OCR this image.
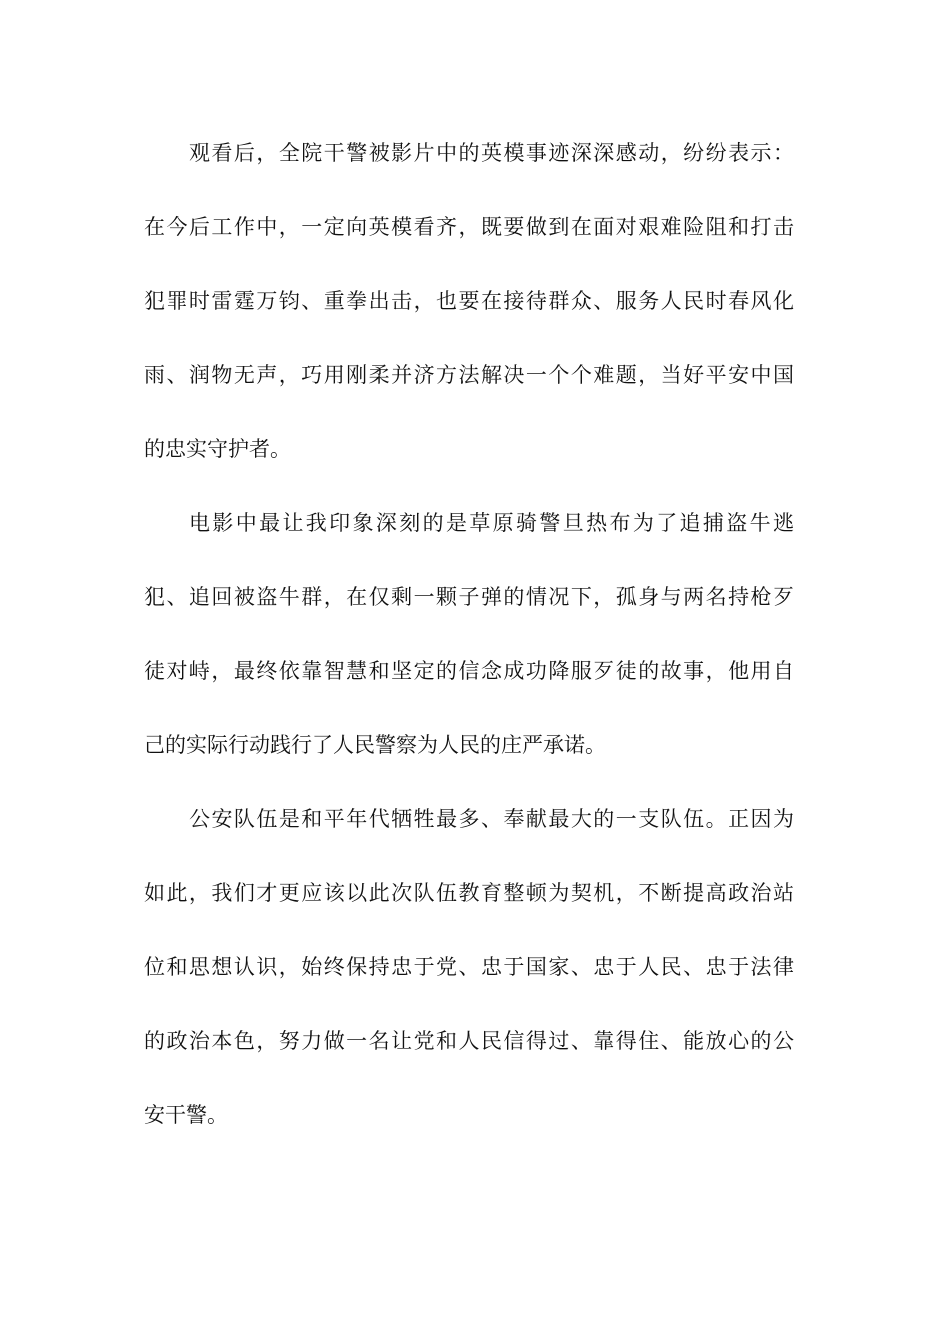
观看后，全院干警被影片中的英模事迹深深感动，纷纷表示：
在今后工作中，一定向英模看齐，既要做到在面对艰难险阻和打击
犯罪时雷霆万钧、重拳出击，也要在接待群众、服务人民时春风化
雨、润物无声，巧用刚柔并济方法解决一个个难题，当好平安中国
的忠实守护者。
电影中最让我印象深刻的是草原骑警旦热布为了追捕盗牛逃
犯、追回被盗牛群，在仅剩一颗子弹的情况下，孤身与两名持枪歹
徒对峙，最终依靠智慧和坚定的信念成功降服歹徒的故事，他用自
己的实际行动践行了人民警察为人民的庄严承诺。
公安队伍是和平年代牺牲最多、奉献最大的一支队伍。正因为
如此，我们才更应该以此次队伍教育整顿为契机，不断提高政治站
位和思想认识，始终保持忠于党、忠于国家、忠于人民、忠于法律
的政治本色，努力做一名让党和人民信得过、靠得住、能放心的公
安干警。
